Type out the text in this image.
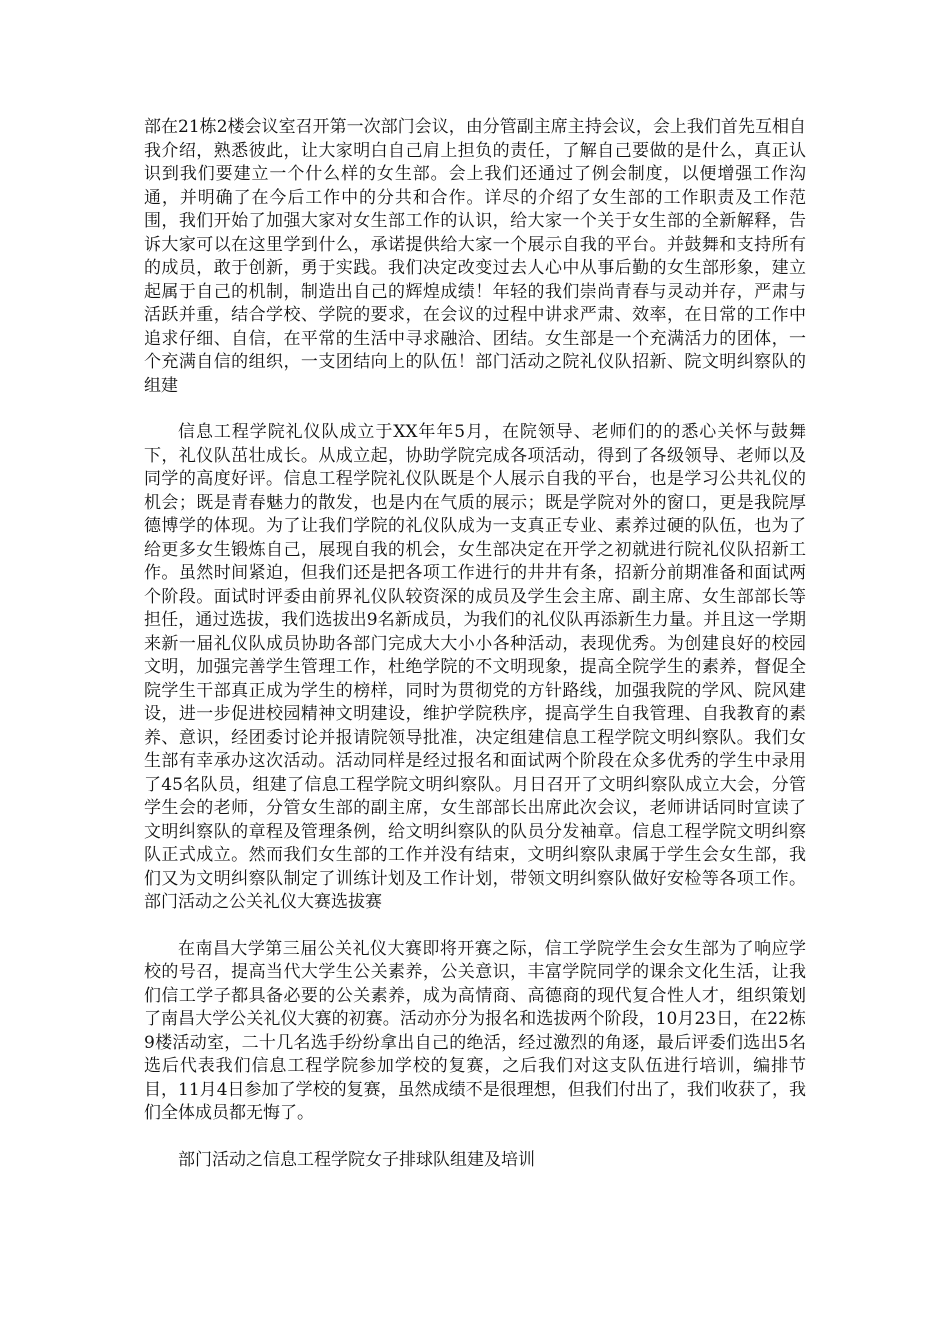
部在21栋2楼会议室召开第一次部门会议，由分管副主席主持会议，会上我们首先互相自我介绍，熟悉彼此，让大家明白自己肩上担负的责任，了解自己要做的是什么，真正认识到我们要建立一个什么样的女生部。会上我们还通过了例会制度，以便增强工作沟通，并明确了在今后工作中的分共和合作。详尽的介绍了女生部的工作职责及工作范围，我们开始了加强大家对女生部工作的认识，给大家一个关于女生部的全新解释，告诉大家可以在这里学到什么，承诺提供给大家一个展示自我的平台。并鼓舞和支持所有的成员，敢于创新，勇于实践。我们决定改变过去人心中从事后勤的女生部形象，建立起属于自己的机制，制造出自己的辉煌成绩！年轻的我们崇尚青春与灵动并存，严肃与活跃并重，结合学校、学院的要求，在会议的过程中讲求严肃、效率，在日常的工作中追求仔细、自信，在平常的生活中寻求融洽、团结。女生部是一个充满活力的团体，一个充满自信的组织，一支团结向上的队伍！部门活动之院礼仪队招新、院文明纠察队的组建

信息工程学院礼仪队成立于XX年年5月，在院领导、老师们的的悉心关怀与鼓舞下，礼仪队茁壮成长。从成立起，协助学院完成各项活动，得到了各级领导、老师以及同学的高度好评。信息工程学院礼仪队既是个人展示自我的平台，也是学习公共礼仪的机会；既是青春魅力的散发，也是内在气质的展示；既是学院对外的窗口，更是我院厚德博学的体现。为了让我们学院的礼仪队成为一支真正专业、素养过硬的队伍，也为了给更多女生锻炼自己，展现自我的机会，女生部决定在开学之初就进行院礼仪队招新工作。虽然时间紧迫，但我们还是把各项工作进行的井井有条，招新分前期准备和面试两个阶段。面试时评委由前界礼仪队较资深的成员及学生会主席、副主席、女生部部长等担任，通过选拔，我们选拔出9名新成员，为我们的礼仪队再添新生力量。并且这一学期来新一届礼仪队成员协助各部门完成大大小小各种活动，表现优秀。为创建良好的校园文明，加强完善学生管理工作，杜绝学院的不文明现象，提高全院学生的素养，督促全院学生干部真正成为学生的榜样，同时为贯彻党的方针路线，加强我院的学风、院风建设，进一步促进校园精神文明建设，维护学院秩序，提高学生自我管理、自我教育的素养、意识，经团委讨论并报请院领导批准，决定组建信息工程学院文明纠察队。我们女生部有幸承办这次活动。活动同样是经过报名和面试两个阶段在众多优秀的学生中录用了45名队员，组建了信息工程学院文明纠察队。月日召开了文明纠察队成立大会，分管学生会的老师，分管女生部的副主席，女生部部长出席此次会议，老师讲话同时宣读了文明纠察队的章程及管理条例，给文明纠察队的队员分发袖章。信息工程学院文明纠察队正式成立。然而我们女生部的工作并没有结束，文明纠察队隶属于学生会女生部，我们又为文明纠察队制定了训练计划及工作计划，带领文明纠察队做好安检等各项工作。部门活动之公关礼仪大赛选拔赛

在南昌大学第三届公关礼仪大赛即将开赛之际，信工学院学生会女生部为了响应学校的号召，提高当代大学生公关素养，公关意识，丰富学院同学的课余文化生活，让我们信工学子都具备必要的公关素养，成为高情商、高德商的现代复合性人才，组织策划了南昌大学公关礼仪大赛的初赛。活动亦分为报名和选拔两个阶段，10月23日，在22栋9楼活动室，二十几名选手纷纷拿出自己的绝活，经过激烈的角逐，最后评委们选出5名选后代表我们信息工程学院参加学校的复赛，之后我们对这支队伍进行培训，编排节目，11月4日参加了学校的复赛，虽然成绩不是很理想，但我们付出了，我们收获了，我们全体成员都无悔了。

部门活动之信息工程学院女子排球队组建及培训
